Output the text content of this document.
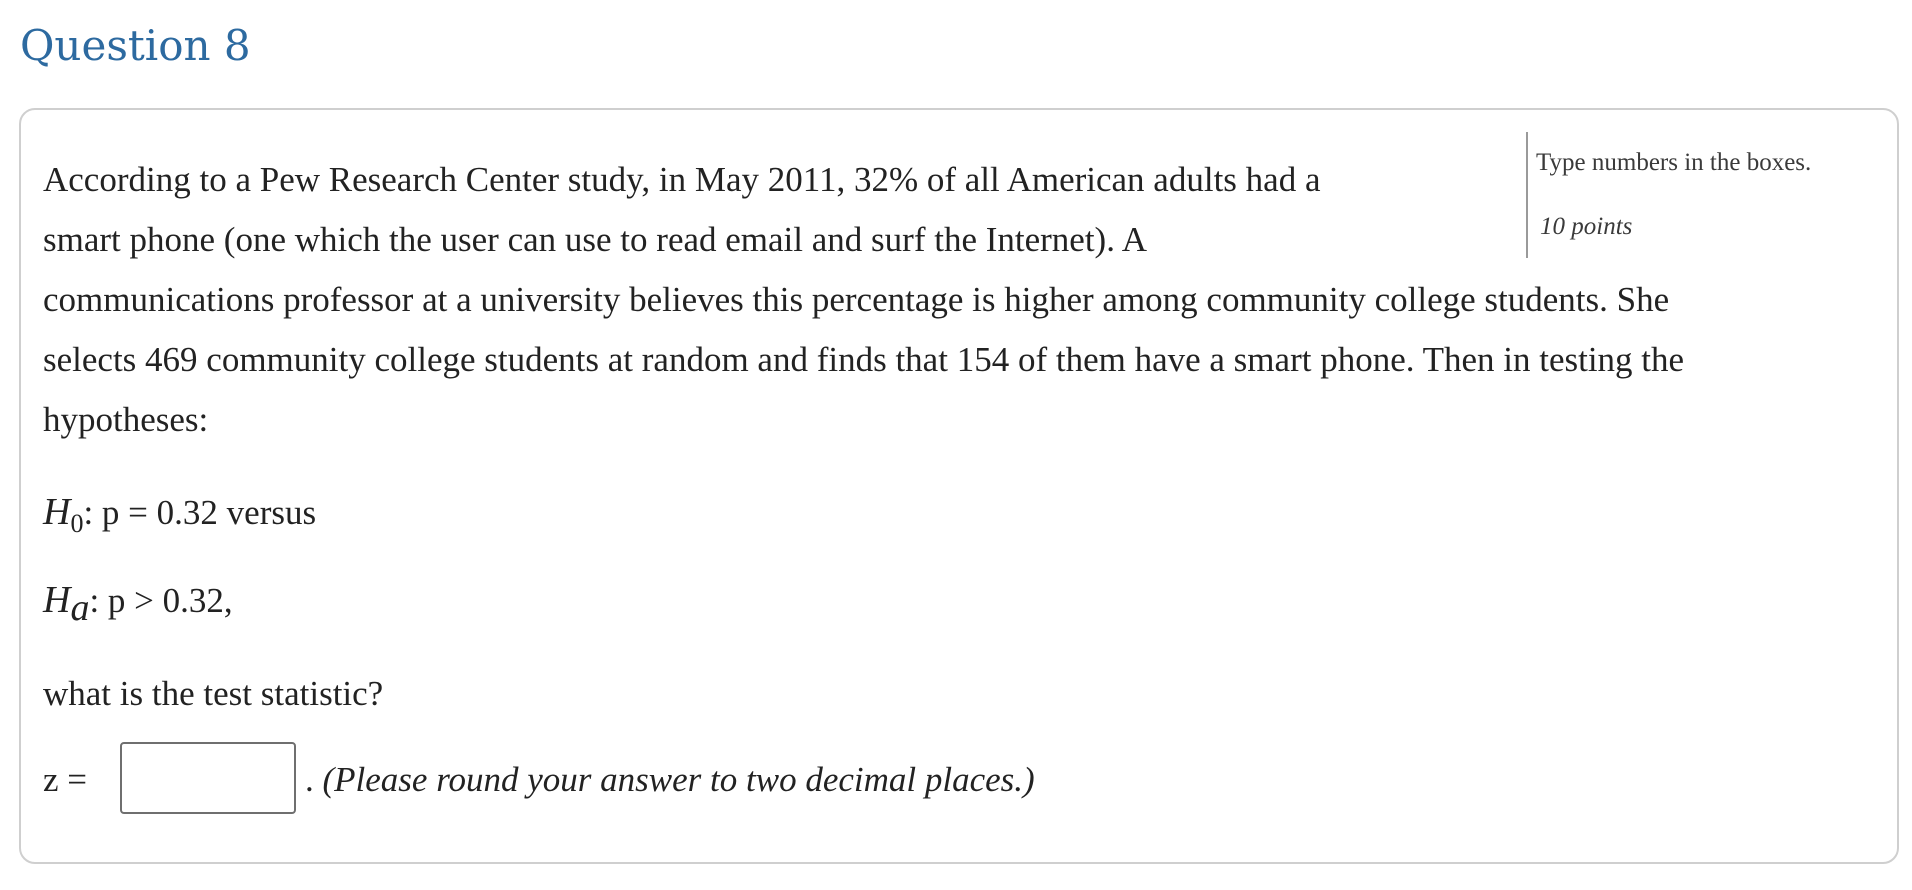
Question 8
Type numbers in the boxes.
10 points
According to a Pew Research Center study, in May 2011, 32% of all American adults had a
smart phone (one which the user can use to read email and surf the Internet). A
communications professor at a university believes this percentage is higher among community college students. She
selects 469 community college students at random and finds that 154 of them have a smart phone. Then in testing the
hypotheses:
$H_0$: p = 0.32 versus
$H_a$: p > 0.32,
what is the test statistic?
z =	. (Please round your answer to two decimal places.)
